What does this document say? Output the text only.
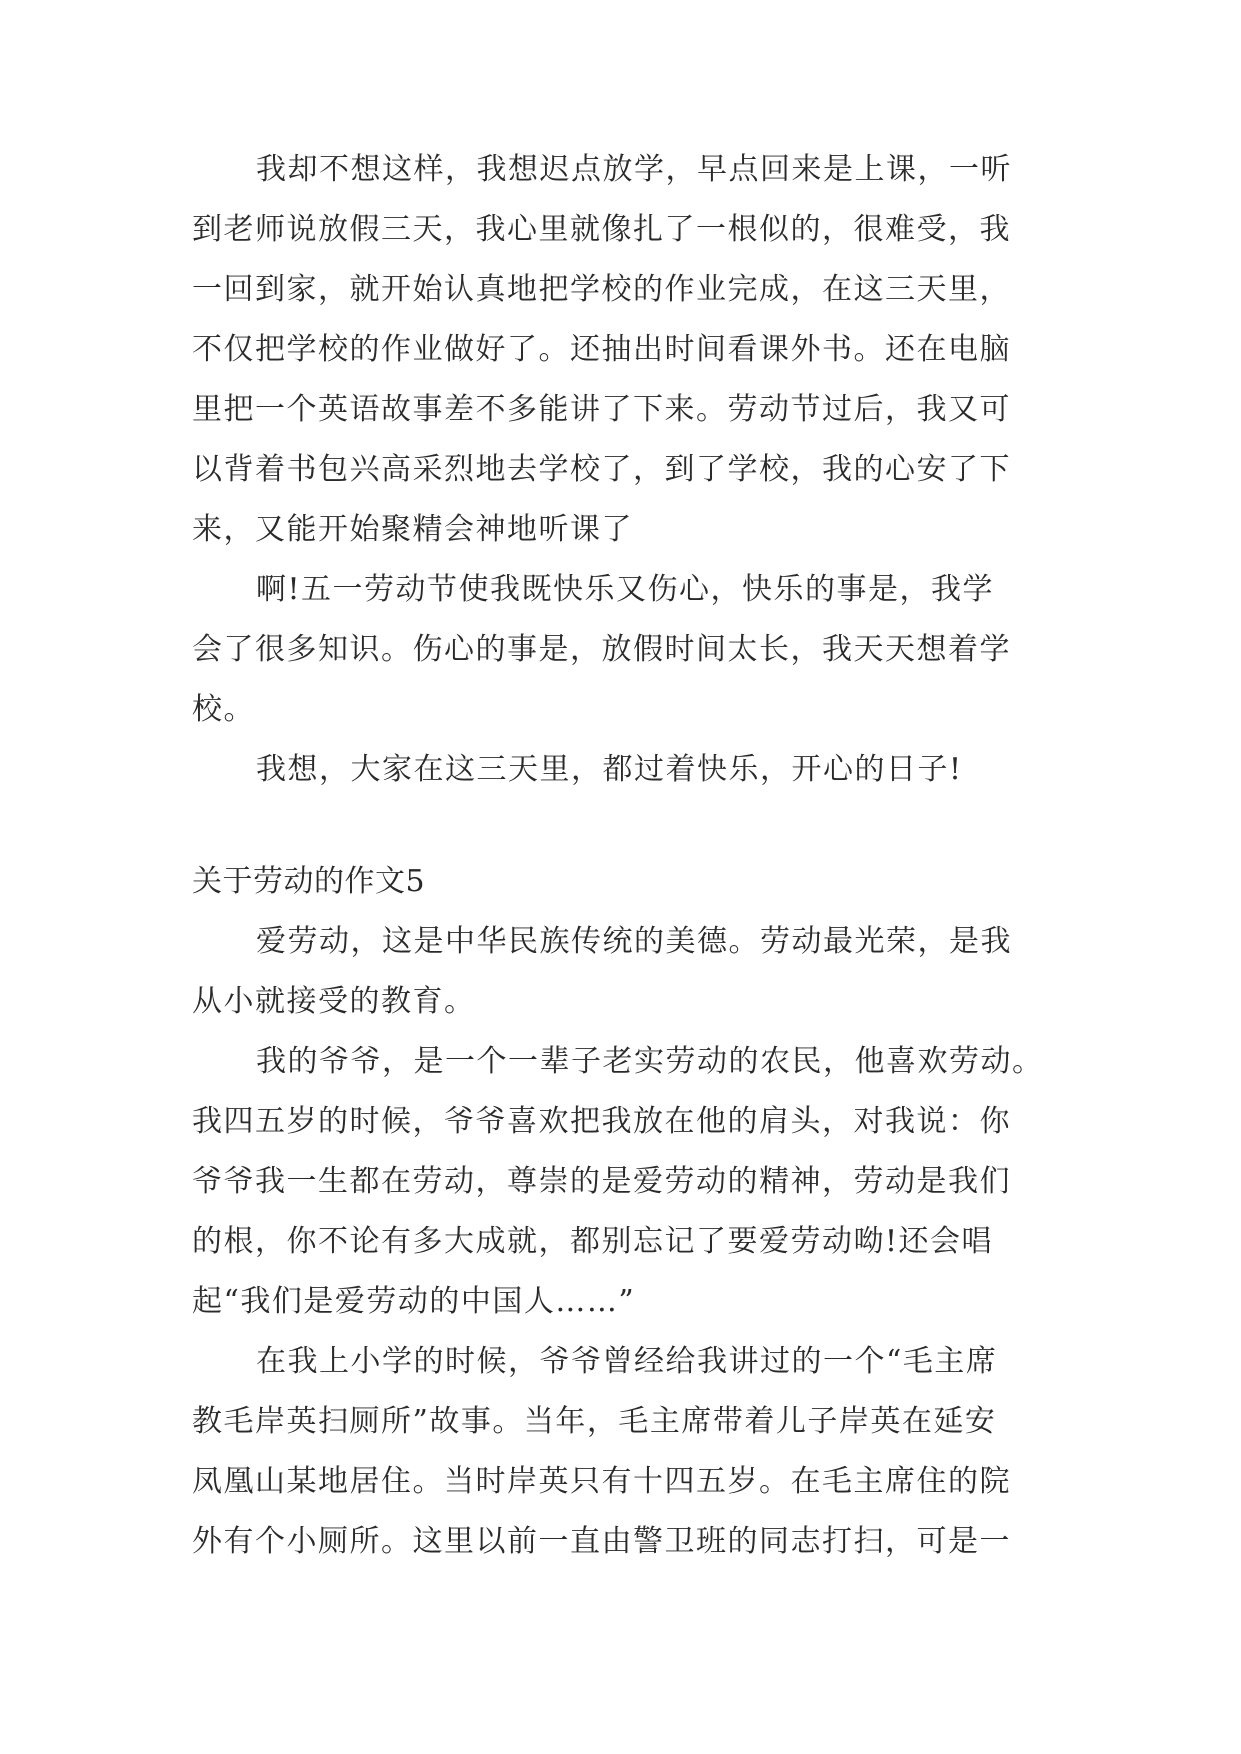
我却不想这样，我想迟点放学，早点回来是上课，一听
到老师说放假三天，我心里就像扎了一根似的，很难受，我
一回到家，就开始认真地把学校的作业完成，在这三天里，
不仅把学校的作业做好了。还抽出时间看课外书。还在电脑
里把一个英语故事差不多能讲了下来。劳动节过后，我又可
以背着书包兴高采烈地去学校了，到了学校，我的心安了下
来，又能开始聚精会神地听课了
啊!五一劳动节使我既快乐又伤心，快乐的事是，我学
会了很多知识。伤心的事是，放假时间太长，我天天想着学
校。
我想，大家在这三天里，都过着快乐，开心的日子!
关于劳动的作文5
爱劳动，这是中华民族传统的美德。劳动最光荣，是我
从小就接受的教育。
我的爷爷，是一个一辈子老实劳动的农民，他喜欢劳动。
我四五岁的时候，爷爷喜欢把我放在他的肩头，对我说：你
爷爷我一生都在劳动，尊崇的是爱劳动的精神，劳动是我们
的根，你不论有多大成就，都别忘记了要爱劳动呦!还会唱
起“我们是爱劳动的中国人……”
在我上小学的时候，爷爷曾经给我讲过的一个“毛主席
教毛岸英扫厕所”故事。当年，毛主席带着儿子岸英在延安
凤凰山某地居住。当时岸英只有十四五岁。在毛主席住的院
外有个小厕所。这里以前一直由警卫班的同志打扫，可是一
